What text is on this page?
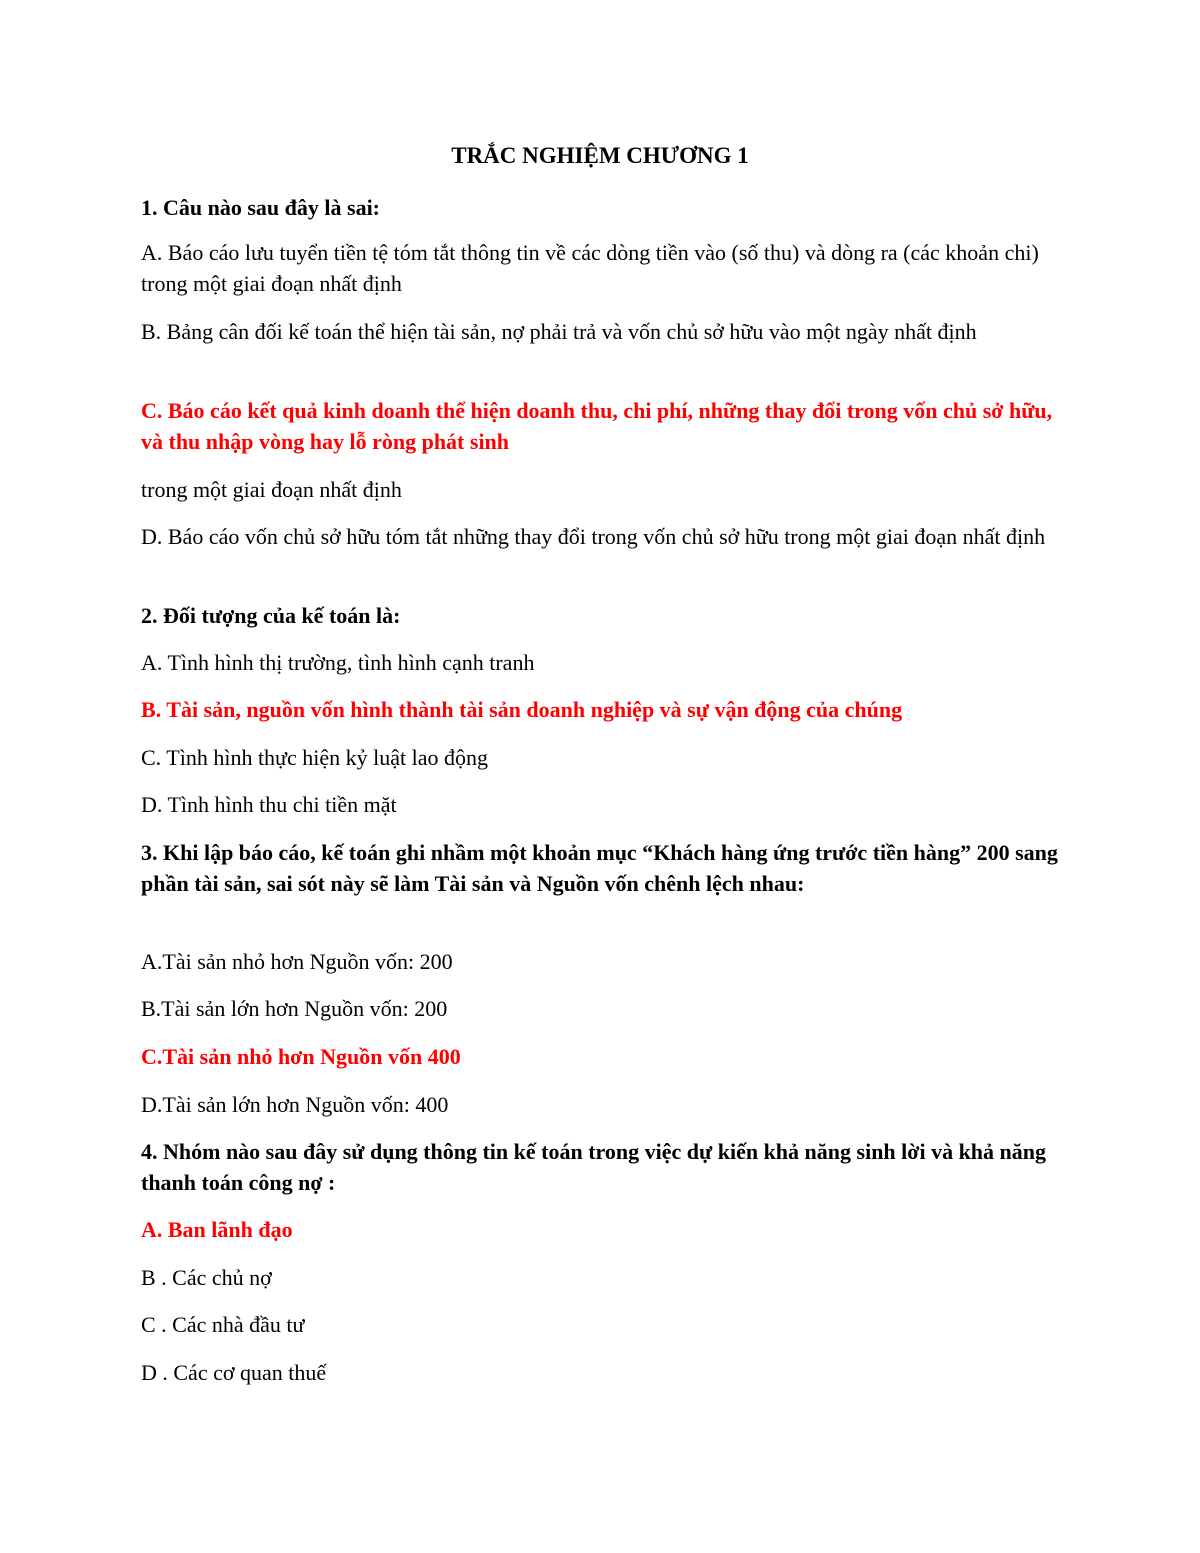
TRẮC NGHIỆM CHƯƠNG 1

1. Câu nào sau đây là sai:

A. Báo cáo lưu tuyển tiền tệ tóm tắt thông tin về các dòng tiền vào (số thu) và dòng ra (các khoản chi) trong một giai đoạn nhất định

B. Bảng cân đối kế toán thể hiện tài sản, nợ phải trả và vốn chủ sở hữu vào một ngày nhất định

C. Báo cáo kết quả kinh doanh thể hiện doanh thu, chi phí, những thay đổi trong vốn chủ sở hữu, và thu nhập vòng hay lỗ ròng phát sinh

trong một giai đoạn nhất định

D. Báo cáo vốn chủ sở hữu tóm tắt những thay đổi trong vốn chủ sở hữu trong một giai đoạn nhất định

2. Đối tượng của kế toán là:

A. Tình hình thị trường, tình hình cạnh tranh

B. Tài sản, nguồn vốn hình thành tài sản doanh nghiệp và sự vận động của chúng

C. Tình hình thực hiện kỷ luật lao động

D. Tình hình thu chi tiền mặt

3. Khi lập báo cáo, kế toán ghi nhầm một khoản mục “Khách hàng ứng trước tiền hàng” 200 sang phần tài sản, sai sót này sẽ làm Tài sản và Nguồn vốn chênh lệch nhau:

A.Tài sản nhỏ hơn Nguồn vốn: 200

B.Tài sản lớn hơn Nguồn vốn: 200

C.Tài sản nhỏ hơn Nguồn vốn 400

D.Tài sản lớn hơn Nguồn vốn: 400

4. Nhóm nào sau đây sử dụng thông tin kế toán trong việc dự kiến khả năng sinh lời và khả năng thanh toán công nợ :

A. Ban lãnh đạo

B . Các chủ nợ

C . Các nhà đầu tư

D . Các cơ quan thuế
